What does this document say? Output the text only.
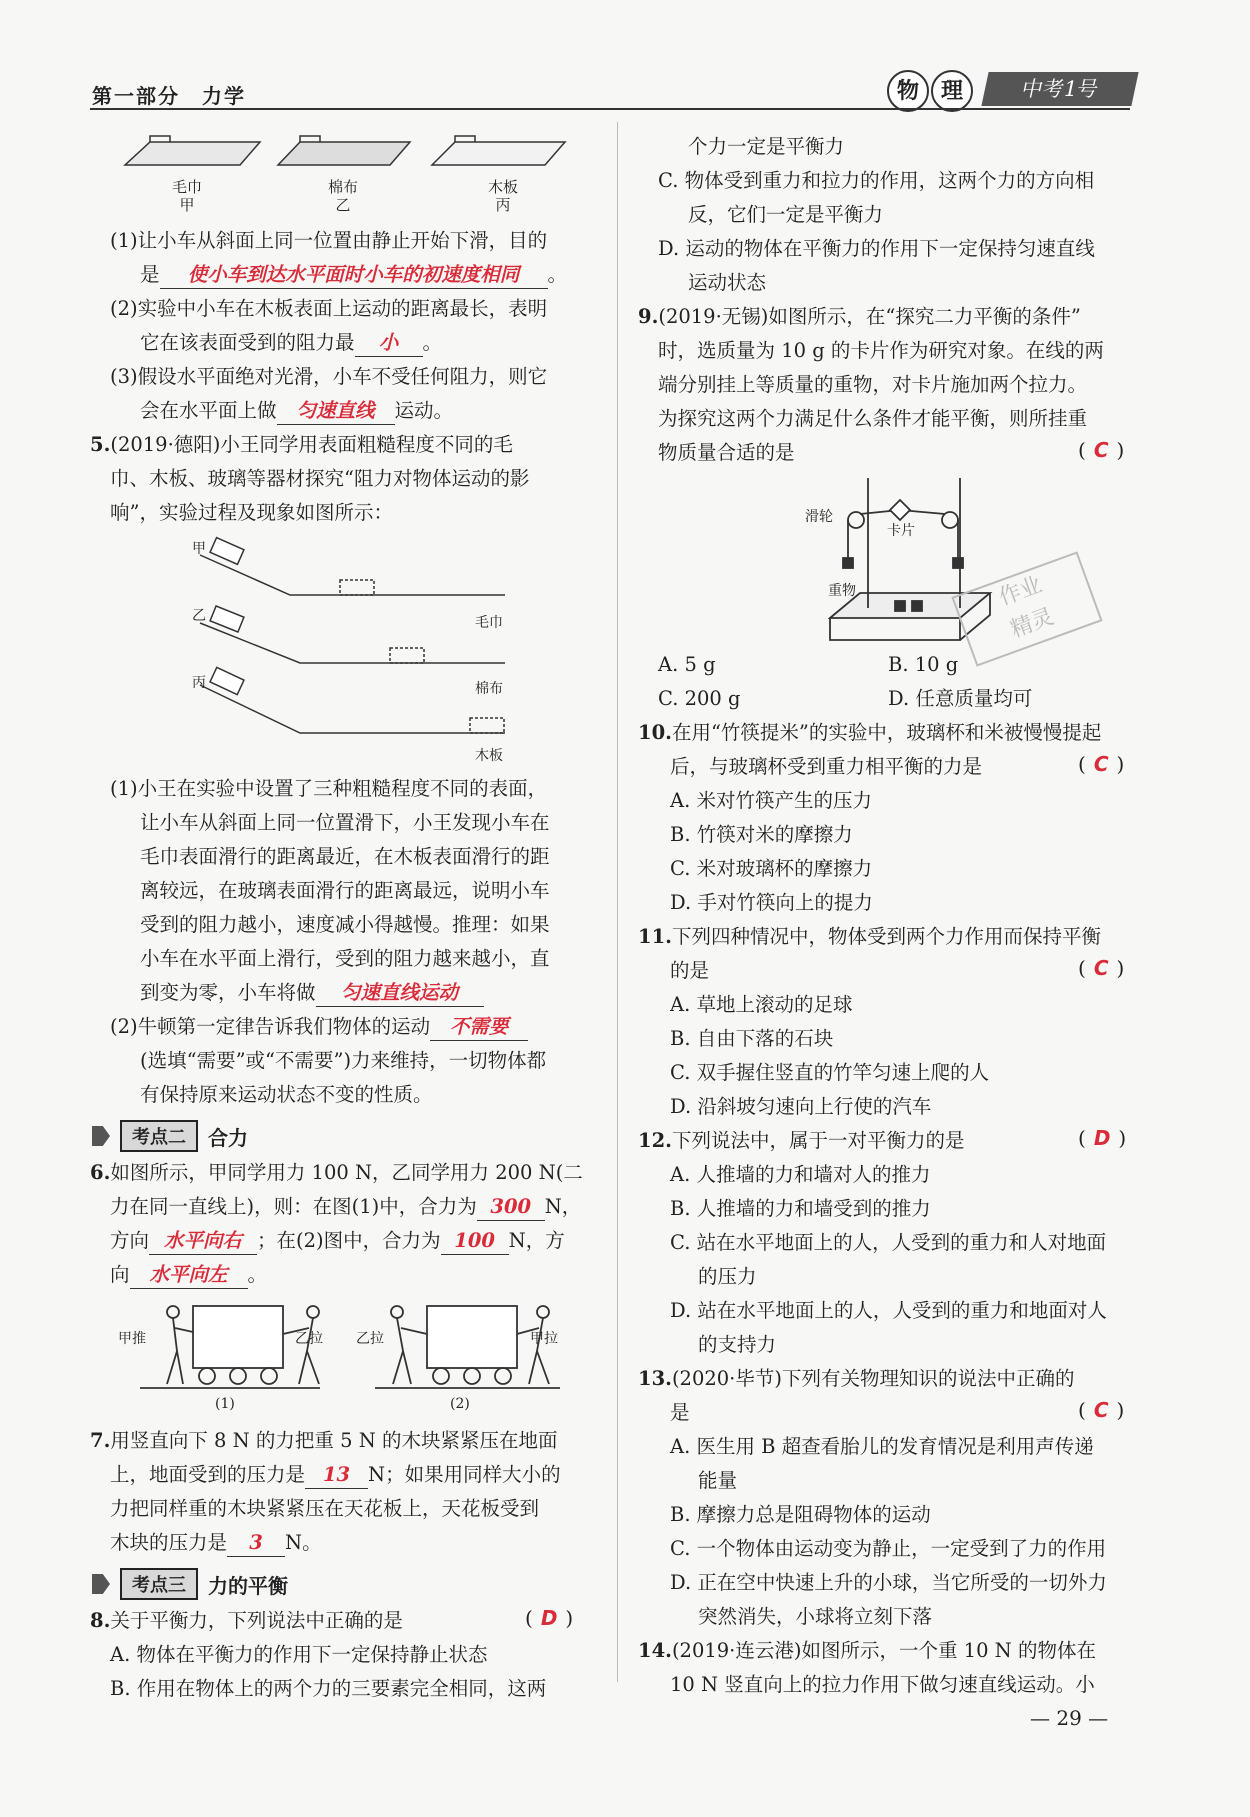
第一部分　力学	物 理	中考1号
毛巾
甲
棉布
乙
木板
丙
(1)让小车从斜面上同一位置由静止开始下滑，目的
是 使小车到达水平面时小车的初速度相同 。
(2)实验中小车在木板表面上运动的距离最长，表明
它在该表面受到的阻力最 小 。
(3)假设水平面绝对光滑，小车不受任何阻力，则它
会在水平面上做 匀速直线 运动。
5.(2019·德阳)小王同学用表面粗糙程度不同的毛
巾、木板、玻璃等器材探究“阻力对物体运动的影
响”，实验过程及现象如图所示：
甲
乙
丙
毛巾
棉布
木板
(1)小王在实验中设置了三种粗糙程度不同的表面，
让小车从斜面上同一位置滑下，小王发现小车在
毛巾表面滑行的距离最近，在木板表面滑行的距
离较远，在玻璃表面滑行的距离最远，说明小车
受到的阻力越小，速度减小得越慢。推理：如果
小车在水平面上滑行，受到的阻力越来越小，直
到变为零，小车将做 匀速直线运动
(2)牛顿第一定律告诉我们物体的运动 不需要
(选填“需要”或“不需要”)力来维持，一切物体都
有保持原来运动状态不变的性质。
考点二	合力
6.如图所示，甲同学用力 100 N，乙同学用力 200 N(二
力在同一直线上)，则：在图(1)中，合力为 300 N，
方向 水平向右 ；在(2)图中，合力为 100 N，方
向 水平向左 。
甲推	乙拉 乙拉	甲拉
(1)	(2)
7.用竖直向下 8 N 的力把重 5 N 的木块紧紧压在地面
上，地面受到的压力是 13 N；如果用同样大小的
力把同样重的木块紧紧压在天花板上，天花板受到
木块的压力是 3 N。
考点三	力的平衡
8.关于平衡力，下列说法中正确的是	( D )
A. 物体在平衡力的作用下一定保持静止状态
B. 作用在物体上的两个力的三要素完全相同，这两
个力一定是平衡力
C. 物体受到重力和拉力的作用，这两个力的方向相
反，它们一定是平衡力
D. 运动的物体在平衡力的作用下一定保持匀速直线
运动状态
9.(2019·无锡)如图所示，在“探究二力平衡的条件”
时，选质量为 10 g 的卡片作为研究对象。在线的两
端分别挂上等质量的重物，对卡片施加两个拉力。
为探究这两个力满足什么条件才能平衡，则所挂重
物质量合适的是	( C )
滑轮
卡片
重物	作业
精灵
A. 5 g	B. 10 g
C. 200 g	D. 任意质量均可
10.在用“竹筷提米”的实验中，玻璃杯和米被慢慢提起
后，与玻璃杯受到重力相平衡的力是	( C )
A. 米对竹筷产生的压力
B. 竹筷对米的摩擦力
C. 米对玻璃杯的摩擦力
D. 手对竹筷向上的提力
11.下列四种情况中，物体受到两个力作用而保持平衡
的是	( C )
A. 草地上滚动的足球
B. 自由下落的石块
C. 双手握住竖直的竹竿匀速上爬的人
D. 沿斜坡匀速向上行使的汽车
12.下列说法中，属于一对平衡力的是	( D )
A. 人推墙的力和墙对人的推力
B. 人推墙的力和墙受到的推力
C. 站在水平地面上的人，人受到的重力和人对地面
的压力
D. 站在水平地面上的人，人受到的重力和地面对人
的支持力
13.(2020·毕节)下列有关物理知识的说法中正确的
是	( C )
A. 医生用 B 超查看胎儿的发育情况是利用声传递
能量
B. 摩擦力总是阻碍物体的运动
C. 一个物体由运动变为静止，一定受到了力的作用
D. 正在空中快速上升的小球，当它所受的一切外力
突然消失，小球将立刻下落
14.(2019·连云港)如图所示，一个重 10 N 的物体在
10 N 竖直向上的拉力作用下做匀速直线运动。小
— 29 —
